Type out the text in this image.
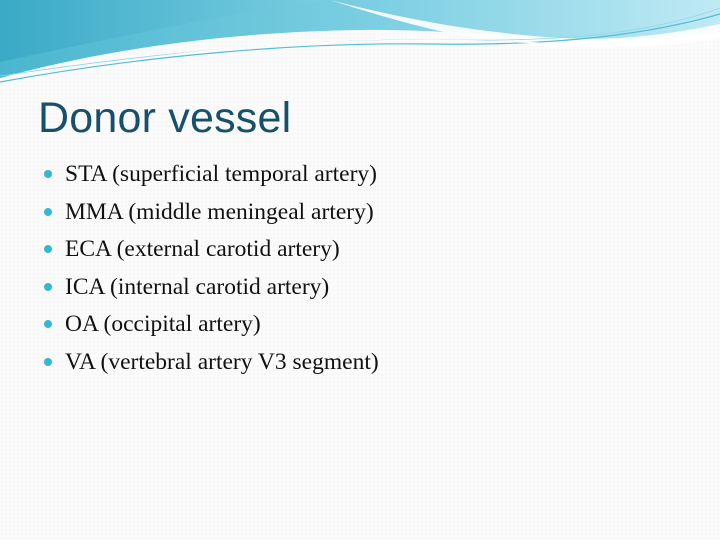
Donor vessel
STA (superficial temporal artery)
MMA (middle meningeal artery)
ECA (external carotid artery)
ICA (internal carotid artery)
OA (occipital artery)
VA (vertebral artery V3 segment)
